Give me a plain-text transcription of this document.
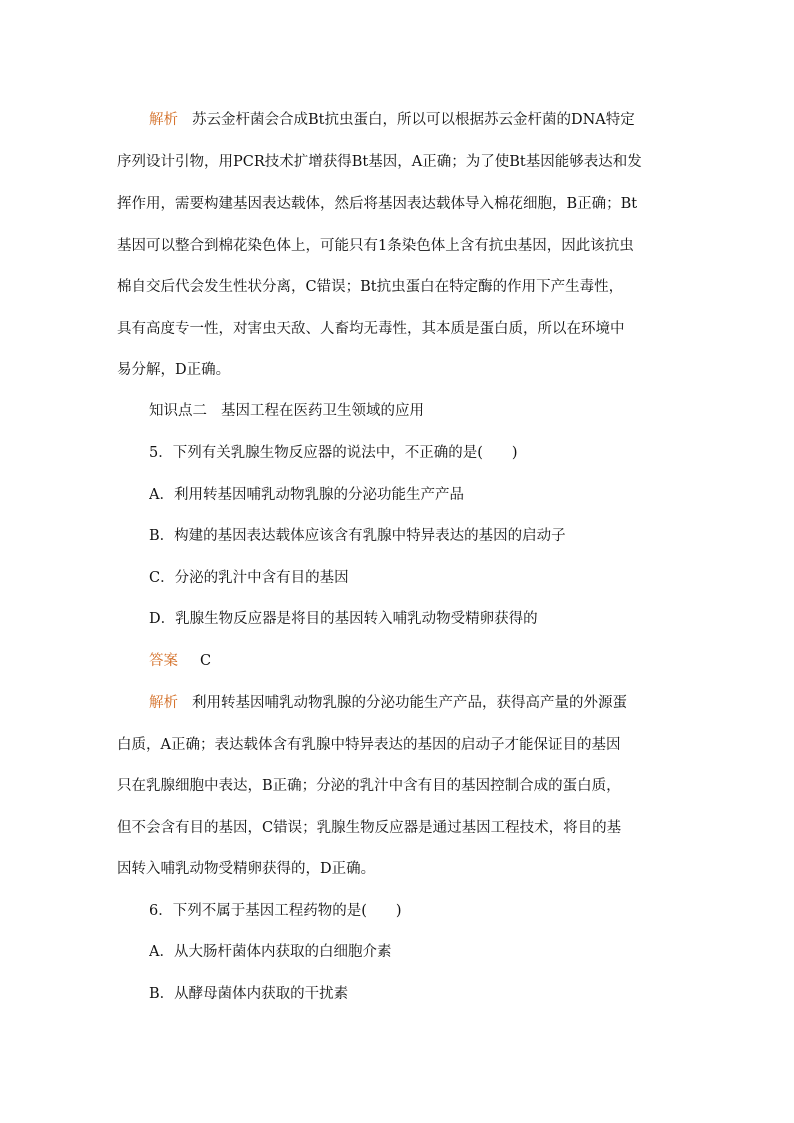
解析 苏云金杆菌会合成Bt抗虫蛋白，所以可以根据苏云金杆菌的DNA特定
序列设计引物，用PCR技术扩增获得Bt基因，A正确；为了使Bt基因能够表达和发
挥作用，需要构建基因表达载体，然后将基因表达载体导入棉花细胞，B正确；Bt
基因可以整合到棉花染色体上，可能只有1条染色体上含有抗虫基因，因此该抗虫
棉自交后代会发生性状分离，C错误；Bt抗虫蛋白在特定酶的作用下产生毒性，
具有高度专一性，对害虫天敌、人畜均无毒性，其本质是蛋白质，所以在环境中
易分解，D正确。
知识点二 基因工程在医药卫生领域的应用
5．下列有关乳腺生物反应器的说法中，不正确的是(　　)
A．利用转基因哺乳动物乳腺的分泌功能生产产品
B．构建的基因表达载体应该含有乳腺中特异表达的基因的启动子
C．分泌的乳汁中含有目的基因
D．乳腺生物反应器是将目的基因转入哺乳动物受精卵获得的
答案 C
解析 利用转基因哺乳动物乳腺的分泌功能生产产品，获得高产量的外源蛋
白质，A正确；表达载体含有乳腺中特异表达的基因的启动子才能保证目的基因
只在乳腺细胞中表达，B正确；分泌的乳汁中含有目的基因控制合成的蛋白质，
但不会含有目的基因，C错误；乳腺生物反应器是通过基因工程技术，将目的基
因转入哺乳动物受精卵获得的，D正确。
6．下列不属于基因工程药物的是(　　)
A．从大肠杆菌体内获取的白细胞介素
B．从酵母菌体内获取的干扰素
